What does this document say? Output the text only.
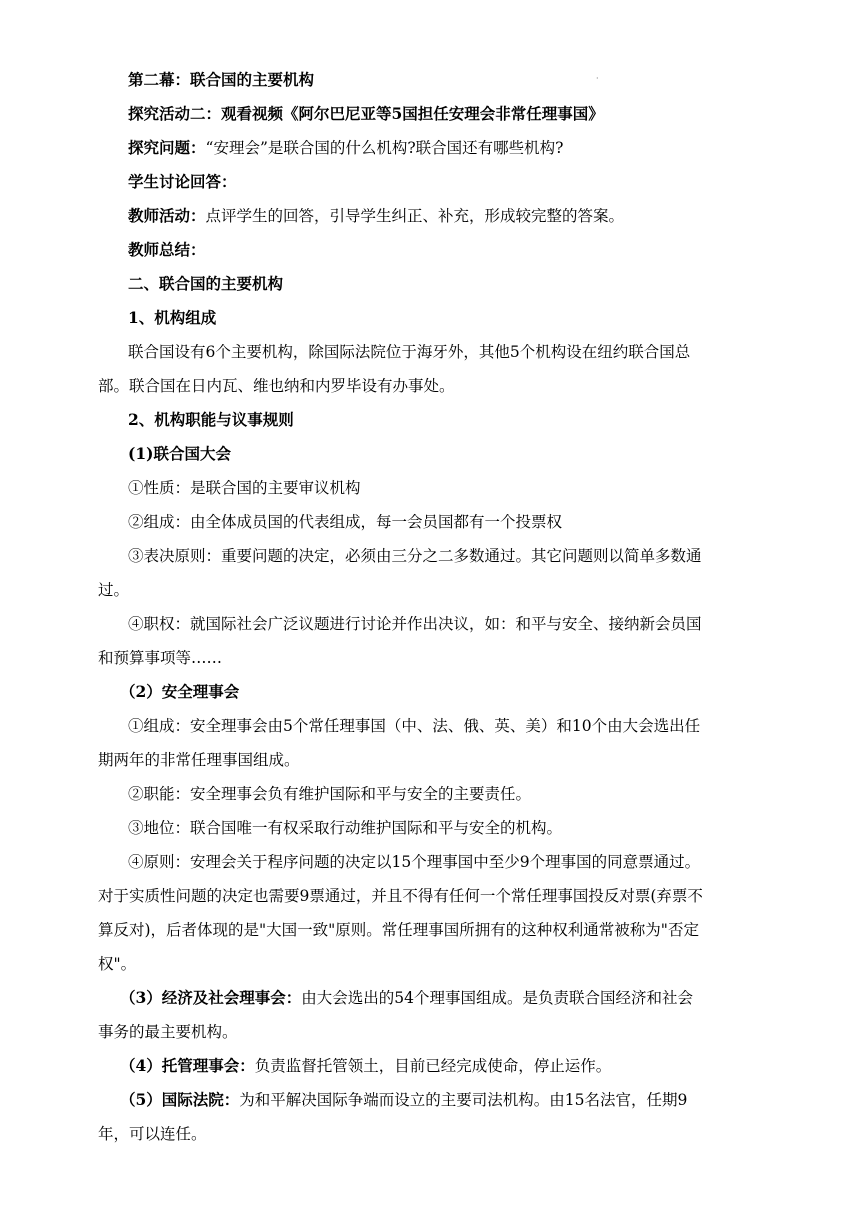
·
第二幕：联合国的主要机构
探究活动二：观看视频《阿尔巴尼亚等5国担任安理会非常任理事国》
探究问题：“安理会”是联合国的什么机构?联合国还有哪些机构?
学生讨论回答：
教师活动：点评学生的回答，引导学生纠正、补充，形成较完整的答案。
教师总结：
二、联合国的主要机构
1、机构组成
联合国设有6个主要机构，除国际法院位于海牙外，其他5个机构设在纽约联合国总
部。联合国在日内瓦、维也纳和内罗毕设有办事处。
2、机构职能与议事规则
(1)联合国大会
①性质：是联合国的主要审议机构
②组成：由全体成员国的代表组成，每一会员国都有一个投票权
③表决原则：重要问题的决定，必须由三分之二多数通过。其它问题则以简单多数通
过。
④职权：就国际社会广泛议题进行讨论并作出决议，如：和平与安全、接纳新会员国
和预算事项等……
（2）安全理事会
①组成：安全理事会由5个常任理事国（中、法、俄、英、美）和10个由大会选出任
期两年的非常任理事国组成。
②职能：安全理事会负有维护国际和平与安全的主要责任。
③地位：联合国唯一有权采取行动维护国际和平与安全的机构。
④原则：安理会关于程序问题的决定以15个理事国中至少9个理事国的同意票通过。
对于实质性问题的决定也需要9票通过，并且不得有任何一个常任理事国投反对票(弃票不
算反对)，后者体现的是"大国一致"原则。常任理事国所拥有的这种权利通常被称为"否定
权"。
（3）经济及社会理事会：由大会选出的54个理事国组成。是负责联合国经济和社会
事务的最主要机构。
（4）托管理事会：负责监督托管领土，目前已经完成使命，停止运作。
（5）国际法院：为和平解决国际争端而设立的主要司法机构。由15名法官，任期9
年，可以连任。
